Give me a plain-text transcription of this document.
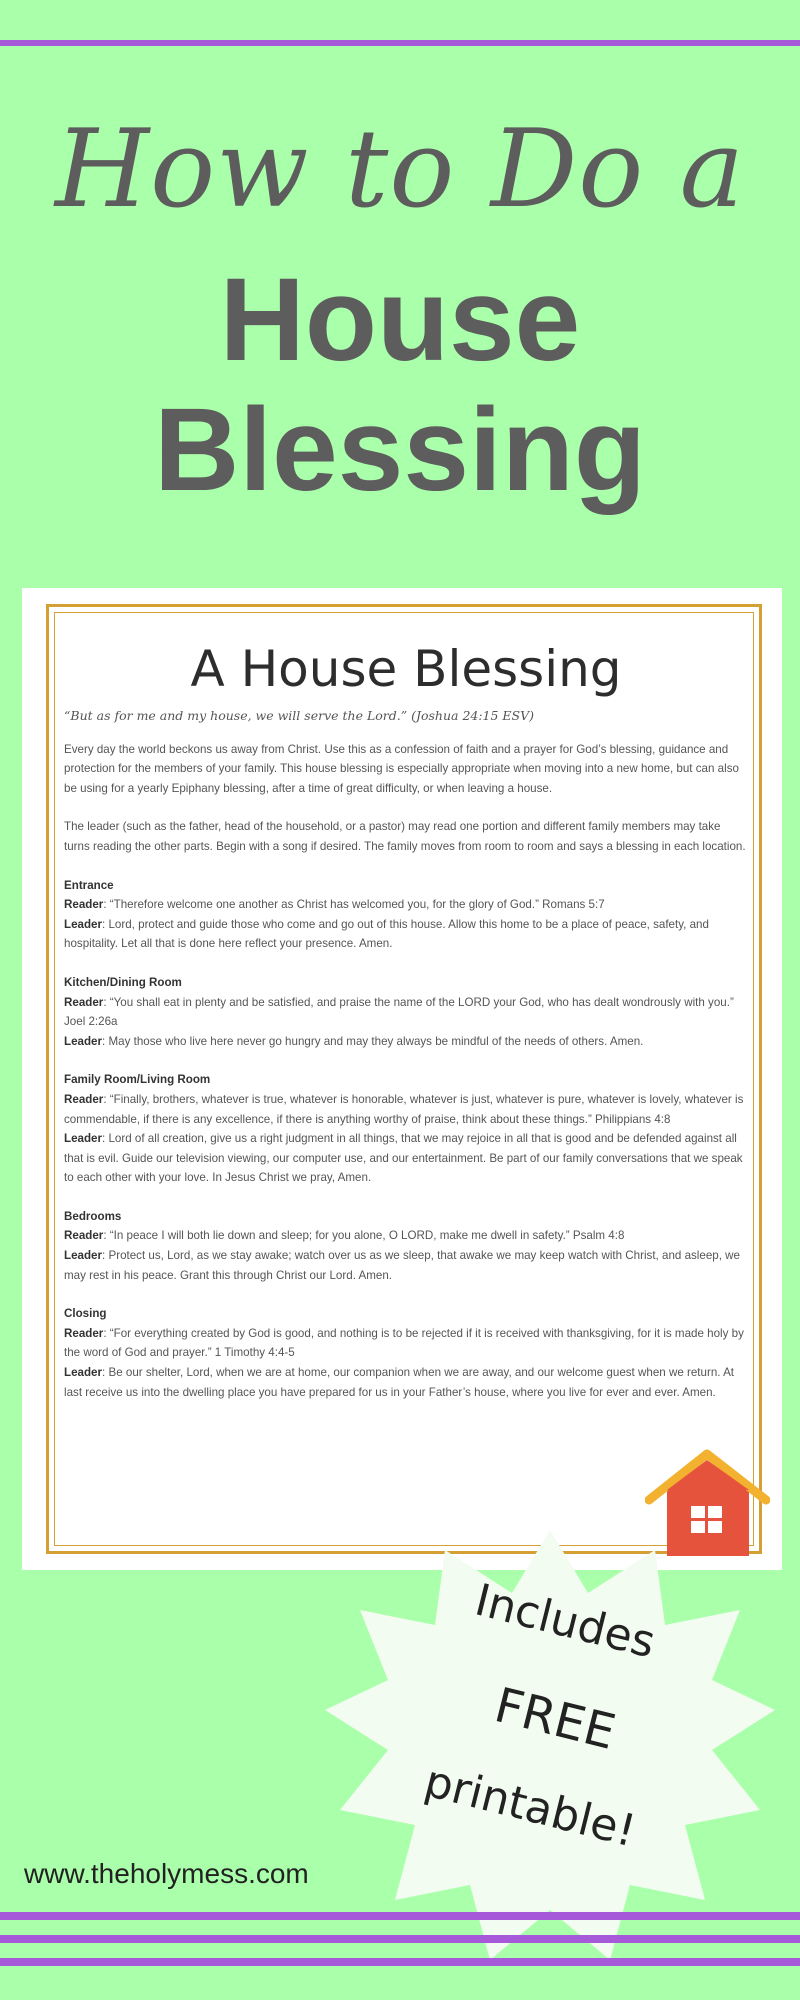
How to Do a
House
Blessing
A House Blessing
“But as for me and my house, we will serve the Lord.” (Joshua 24:15 ESV)
Every day the world beckons us away from Christ. Use this as a confession of faith and a prayer for God’s blessing, guidance and protection for the members of your family. This house blessing is especially appropriate when moving into a new home, but can also be using for a yearly Epiphany blessing, after a time of great difficulty, or when leaving a house.
The leader (such as the father, head of the household, or a pastor) may read one portion and different family members may take turns reading the other parts. Begin with a song if desired. The family moves from room to room and says a blessing in each location.
Entrance
Reader: “Therefore welcome one another as Christ has welcomed you, for the glory of God.” Romans 5:7
Leader: Lord, protect and guide those who come and go out of this house. Allow this home to be a place of peace, safety, and hospitality. Let all that is done here reflect your presence. Amen.
Kitchen/Dining Room
Reader: “You shall eat in plenty and be satisfied, and praise the name of the LORD your God, who has dealt wondrously with you.” Joel 2:26a
Leader: May those who live here never go hungry and may they always be mindful of the needs of others. Amen.
Family Room/Living Room
Reader: “Finally, brothers, whatever is true, whatever is honorable, whatever is just, whatever is pure, whatever is lovely, whatever is commendable, if there is any excellence, if there is anything worthy of praise, think about these things.” Philippians 4:8
Leader: Lord of all creation, give us a right judgment in all things, that we may rejoice in all that is good and be defended against all that is evil. Guide our television viewing, our computer use, and our entertainment. Be part of our family conversations that we speak to each other with your love. In Jesus Christ we pray, Amen.
Bedrooms
Reader: “In peace I will both lie down and sleep; for you alone, O LORD, make me dwell in safety.” Psalm 4:8
Leader: Protect us, Lord, as we stay awake; watch over us as we sleep, that awake we may keep watch with Christ, and asleep, we may rest in his peace. Grant this through Christ our Lord. Amen.
Closing
Reader: “For everything created by God is good, and nothing is to be rejected if it is received with thanksgiving, for it is made holy by the word of God and prayer.” 1 Timothy 4:4-5
Leader: Be our shelter, Lord, when we are at home, our companion when we are away, and our welcome guest when we return. At last receive us into the dwelling place you have prepared for us in your Father’s house, where you live for ever and ever. Amen.
Includes
FREE
printable!
www.theholymess.com
